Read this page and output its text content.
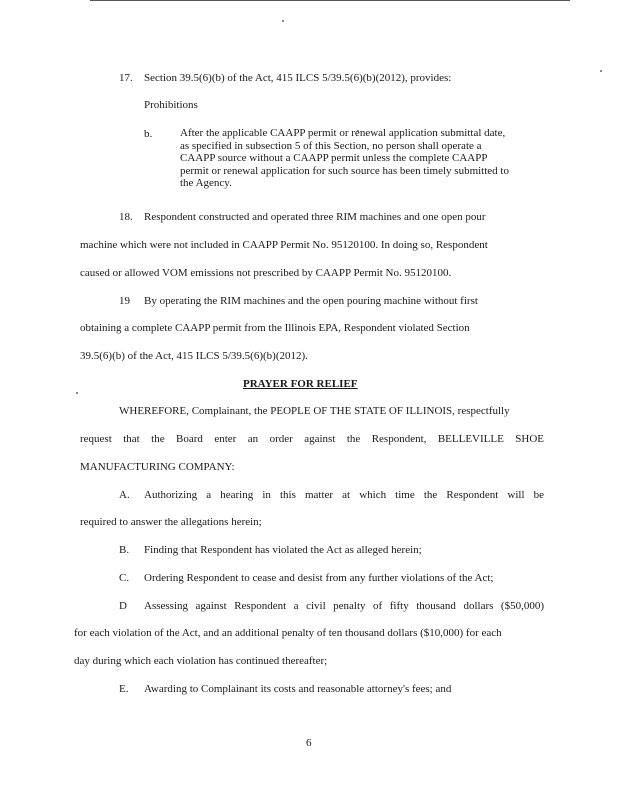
17. Section 39.5(6)(b) of the Act, 415 ILCS 5/39.5(6)(b)(2012), provides:
Prohibitions
b.	After the applicable CAAPP permit or renewal application submittal date,
as specified in subsection 5 of this Section, no person shall operate a
CAAPP source without a CAAPP permit unless the complete CAAPP
permit or renewal application for such source has been timely submitted to
the Agency.
18. Respondent constructed and operated three RIM machines and one open pour
machine which were not included in CAAPP Permit No. 95120100. In doing so, Respondent
caused or allowed VOM emissions not prescribed by CAAPP Permit No. 95120100.
19 By operating the RIM machines and the open pouring machine without first
obtaining a complete CAAPP permit from the Illinois EPA, Respondent violated Section
39.5(6)(b) of the Act, 415 ILCS 5/39.5(6)(b)(2012).
PRAYER FOR RELIEF
WHEREFORE, Complainant, the PEOPLE OF THE STATE OF ILLINOIS, respectfully
request that the Board enter an order against the Respondent, BELLEVILLE SHOE
MANUFACTURING COMPANY:
A. Authorizing a hearing in this matter at which time the Respondent will be
required to answer the allegations herein;
B. Finding that Respondent has violated the Act as alleged herein;
C. Ordering Respondent to cease and desist from any further violations of the Act;
D Assessing against Respondent a civil penalty of fifty thousand dollars ($50,000)
for each violation of the Act, and an additional penalty of ten thousand dollars ($10,000) for each
day during which each violation has continued thereafter;
E. Awarding to Complainant its costs and reasonable attorney's fees; and
6
